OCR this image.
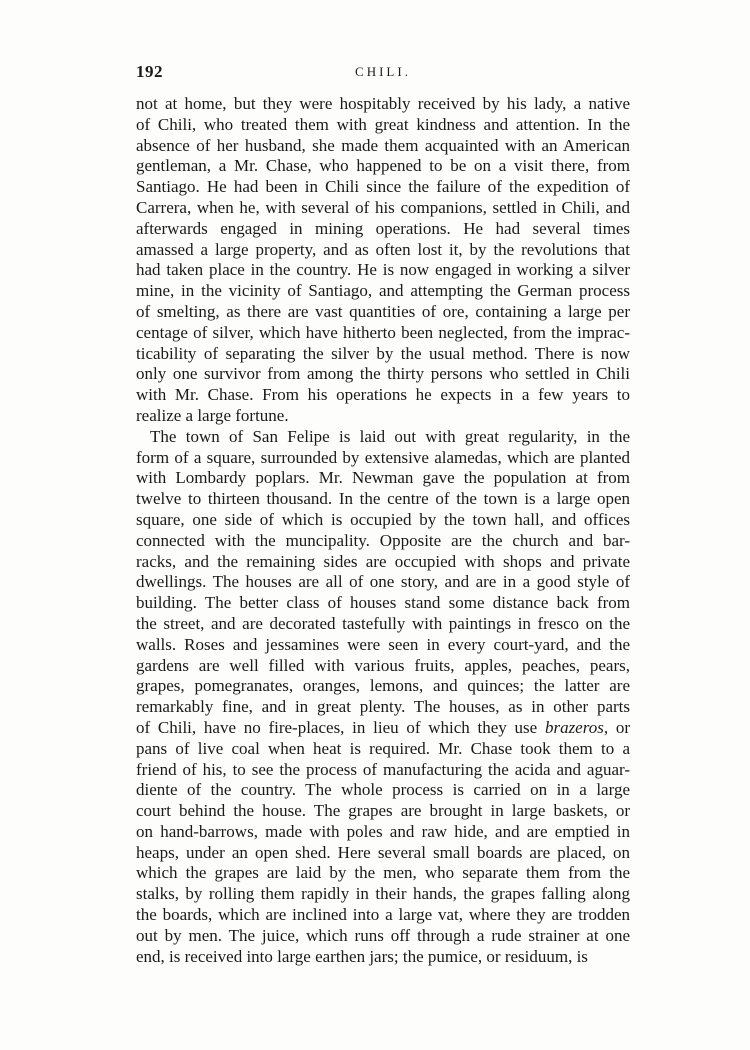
192	CHILI.
not at home, but they were hospitably received by his lady, a native
of Chili, who treated them with great kindness and attention. In the
absence of her husband, she made them acquainted with an American
gentleman, a Mr. Chase, who happened to be on a visit there, from
Santiago. He had been in Chili since the failure of the expedition of
Carrera, when he, with several of his companions, settled in Chili, and
afterwards engaged in mining operations. He had several times
amassed a large property, and as often lost it, by the revolutions that
had taken place in the country. He is now engaged in working a silver
mine, in the vicinity of Santiago, and attempting the German process
of smelting, as there are vast quantities of ore, containing a large per
centage of silver, which have hitherto been neglected, from the imprac-
ticability of separating the silver by the usual method. There is now
only one survivor from among the thirty persons who settled in Chili
with Mr. Chase. From his operations he expects in a few years to
realize a large fortune.
The town of San Felipe is laid out with great regularity, in the
form of a square, surrounded by extensive alamedas, which are planted
with Lombardy poplars. Mr. Newman gave the population at from
twelve to thirteen thousand. In the centre of the town is a large open
square, one side of which is occupied by the town hall, and offices
connected with the muncipality. Opposite are the church and bar-
racks, and the remaining sides are occupied with shops and private
dwellings. The houses are all of one story, and are in a good style of
building. The better class of houses stand some distance back from
the street, and are decorated tastefully with paintings in fresco on the
walls. Roses and jessamines were seen in every court-yard, and the
gardens are well filled with various fruits, apples, peaches, pears,
grapes, pomegranates, oranges, lemons, and quinces; the latter are
remarkably fine, and in great plenty. The houses, as in other parts
of Chili, have no fire-places, in lieu of which they use brazeros, or
pans of live coal when heat is required. Mr. Chase took them to a
friend of his, to see the process of manufacturing the acida and aguar-
diente of the country. The whole process is carried on in a large
court behind the house. The grapes are brought in large baskets, or
on hand-barrows, made with poles and raw hide, and are emptied in
heaps, under an open shed. Here several small boards are placed, on
which the grapes are laid by the men, who separate them from the
stalks, by rolling them rapidly in their hands, the grapes falling along
the boards, which are inclined into a large vat, where they are trodden
out by men. The juice, which runs off through a rude strainer at one
end, is received into large earthen jars; the pumice, or residuum, is
